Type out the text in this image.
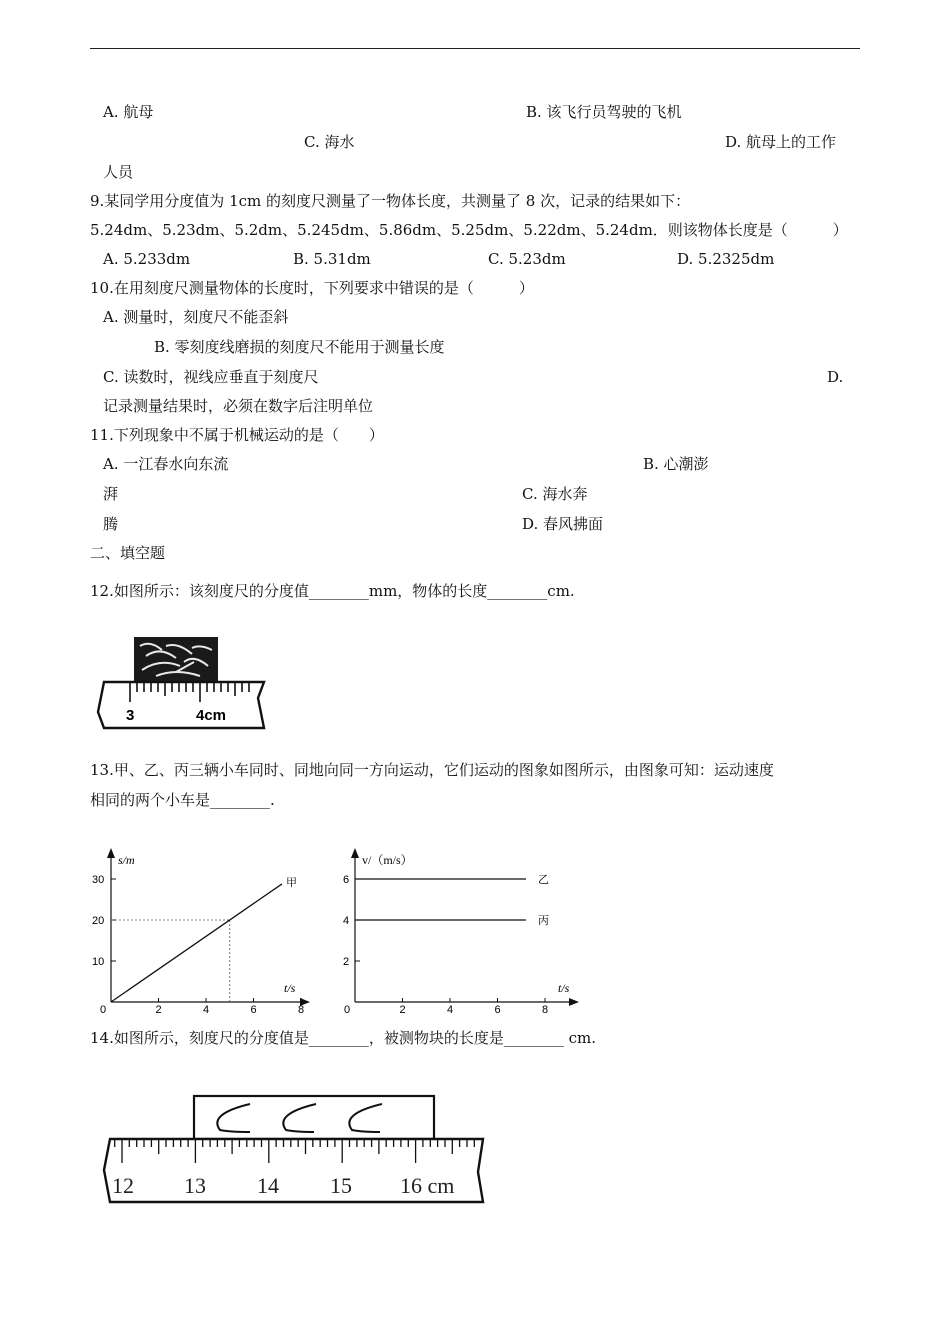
A. 航母	B. 该飞行员驾驶的飞机
C. 海水	D. 航母上的工作
人员
9.某同学用分度值为 1cm 的刻度尺测量了一物体长度，共测量了 8 次，记录的结果如下：
5.24dm、5.23dm、5.2dm、5.245dm、5.86dm、5.25dm、5.22dm、5.24dm．则该物体长度是（　　　）
A. 5.233dm	B. 5.31dm	C. 5.23dm	D. 5.2325dm
10.在用刻度尺测量物体的长度时，下列要求中错误的是（　　　）
A. 测量时，刻度尺不能歪斜
B. 零刻度线磨损的刻度尺不能用于测量长度
C. 读数时，视线应垂直于刻度尺	D.
记录测量结果时，必须在数字后注明单位
11.下列现象中不属于机械运动的是（　　）
A. 一江春水向东流	B. 心潮澎
湃	C. 海水奔
腾	D. 春风拂面
二、填空题
12.如图所示：该刻度尺的分度值________mm，物体的长度________cm.
3	4cm
13.甲、乙、丙三辆小车同时、同地向同一方向运动，它们运动的图象如图所示，由图象可知：运动速度
相同的两个小车是________.
s/m
t/s
0	2	4	6	8
10
20
30	甲
v/（m/s）
t/s
0	2	4	6	8
2
4
6	乙
丙
14.如图所示，刻度尺的分度值是________，被测物块的长度是________ cm.
12 13 14 15 16 cm
